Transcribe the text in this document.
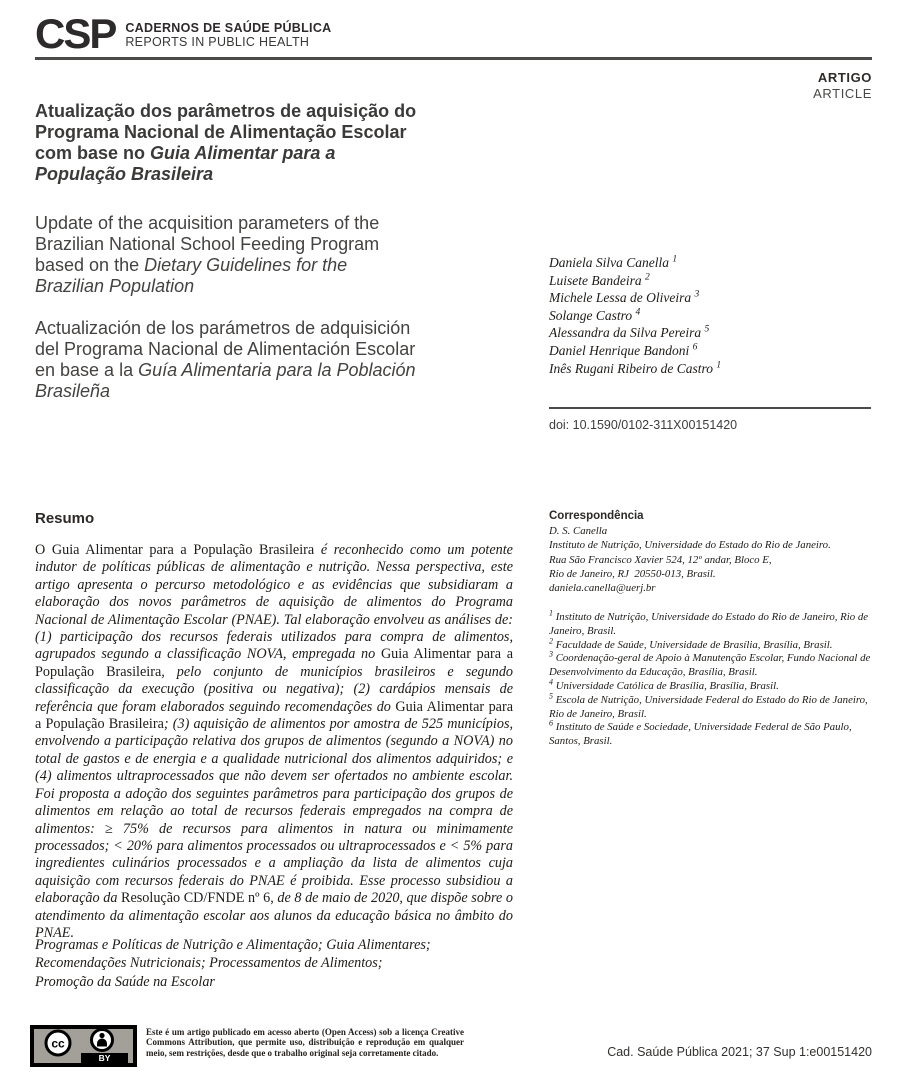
CSP CADERNOS DE SAÚDE PÚBLICA
REPORTS IN PUBLIC HEALTH
ARTIGO
ARTICLE
Atualização dos parâmetros de aquisição do
Programa Nacional de Alimentação Escolar
com base no Guia Alimentar para a
População Brasileira
Update of the acquisition parameters of the
Brazilian National School Feeding Program
based on the Dietary Guidelines for the
Brazilian Population
Actualización de los parámetros de adquisición
del Programa Nacional de Alimentación Escolar
en base a la Guía Alimentaria para la Población
Brasileña
Daniela Silva Canella $^1$
Luisete Bandeira $^2$
Michele Lessa de Oliveira $^3$
Solange Castro $^4$
Alessandra da Silva Pereira $^5$
Daniel Henrique Bandoni $^6$
Inês Rugani Ribeiro de Castro $^1$
doi: 10.1590/0102-311X00151420
Resumo
O Guia Alimentar para a População Brasileira é reconhecido como um potente indutor de políticas públicas de alimentação e nutrição. Nessa perspectiva, este artigo apresenta o percurso metodológico e as evidências que subsidiaram a elaboração dos novos parâmetros de aquisição de alimentos do Programa Nacional de Alimentação Escolar (PNAE). Tal elaboração envolveu as análises de: (1) participação dos recursos federais utilizados para compra de alimentos, agrupados segundo a classificação NOVA, empregada no Guia Alimentar para a População Brasileira, pelo conjunto de municípios brasileiros e segundo classificação da execução (positiva ou negativa); (2) cardápios mensais de referência que foram elaborados seguindo recomendações do Guia Alimentar para a População Brasileira; (3) aquisição de alimentos por amostra de 525 municípios, envolvendo a participação relativa dos grupos de alimentos (segundo a NOVA) no total de gastos e de energia e a qualidade nutricional dos alimentos adquiridos; e (4) alimentos ultraprocessados que não devem ser ofertados no ambiente escolar. Foi proposta a adoção dos seguintes parâmetros para participação dos grupos de alimentos em relação ao total de recursos federais empregados na compra de alimentos: ≥ 75% de recursos para alimentos in natura ou minimamente processados; < 20% para alimentos processados ou ultraprocessados e < 5% para ingredientes culinários processados e a ampliação da lista de alimentos cuja aquisição com recursos federais do PNAE é proibida. Esse processo subsidiou a elaboração da Resolução CD/FNDE nº 6, de 8 de maio de 2020, que dispõe sobre o atendimento da alimentação escolar aos alunos da educação básica no âmbito do PNAE.
Programas e Políticas de Nutrição e Alimentação; Guia Alimentares;
Recomendações Nutricionais; Processamentos de Alimentos;
Promoção da Saúde na Escolar
Correspondência
D. S. Canella
Instituto de Nutrição, Universidade do Estado do Rio de Janeiro.
Rua São Francisco Xavier 524, 12º andar, Bloco E,
Rio de Janeiro, RJ  20550-013, Brasil.
daniela.canella@uerj.br
$^1$ Instituto de Nutrição, Universidade do Estado do Rio de Janeiro, Rio de Janeiro, Brasil.
$^2$ Faculdade de Saúde, Universidade de Brasília, Brasília, Brasil.
$^3$ Coordenação-geral de Apoio à Manutenção Escolar, Fundo Nacional de Desenvolvimento da Educação, Brasília, Brasil.
$^4$ Universidade Católica de Brasília, Brasília, Brasil.
$^5$ Escola de Nutrição, Universidade Federal do Estado do Rio de Janeiro, Rio de Janeiro, Brasil.
$^6$ Instituto de Saúde e Sociedade, Universidade Federal de São Paulo, Santos, Brasil.
cc
BY
Este é um artigo publicado em acesso aberto (Open Access) sob a licença Creative Commons Attribution, que permite uso, distribuição e reprodução em qualquer meio, sem restrições, desde que o trabalho original seja corretamente citado.	Cad. Saúde Pública 2021; 37 Sup 1:e00151420
